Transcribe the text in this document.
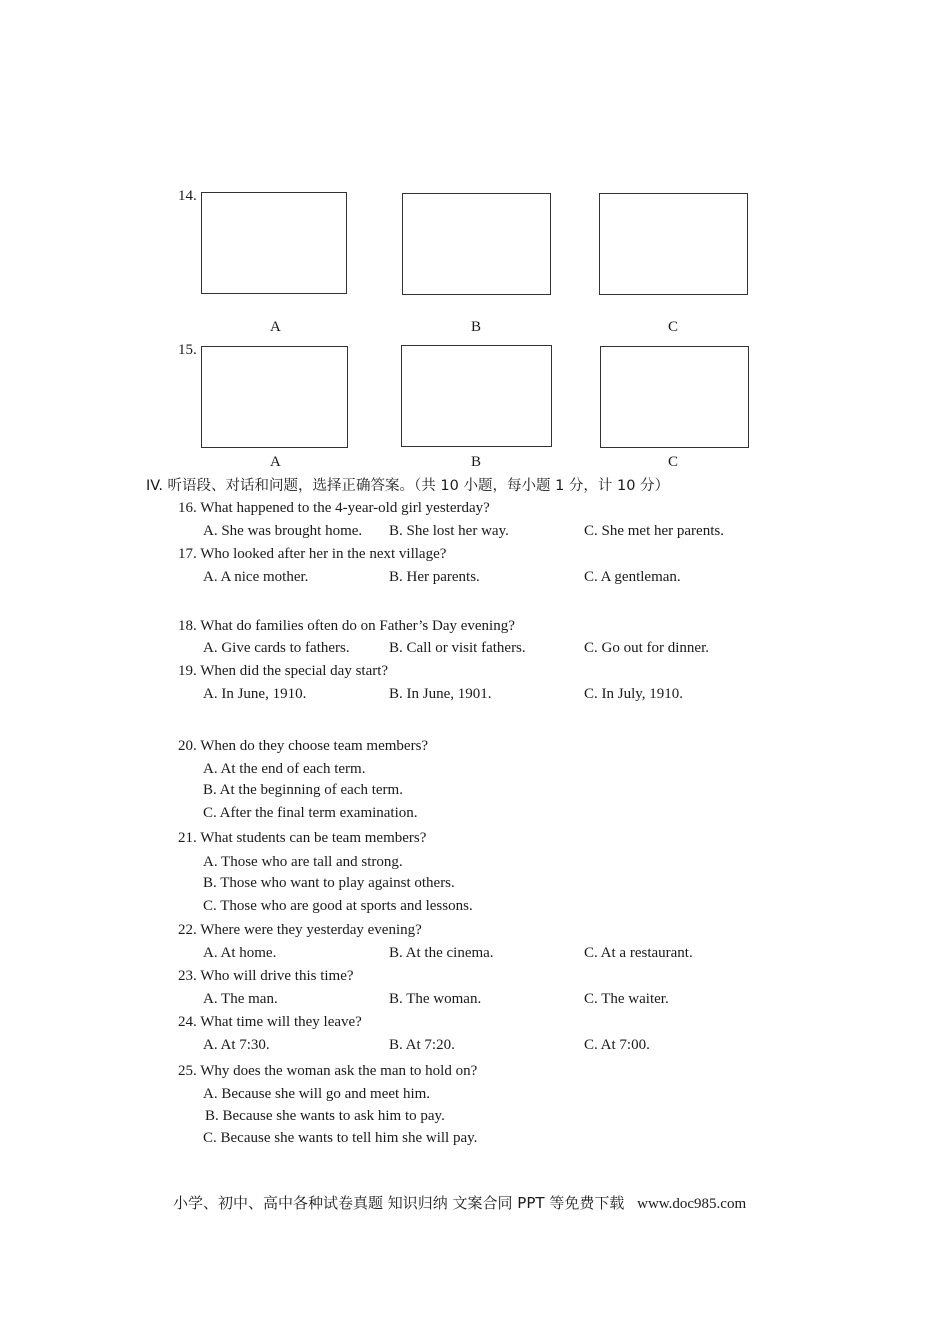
14.
A	B	C
15.
A	B	C
IV. 听语段、对话和问题，选择正确答案。（共 10 小题，每小题 1 分，计 10 分）
16. What happened to the 4-year-old girl yesterday?
A. She was brought home. B. She lost her way.	C. She met her parents.
17. Who looked after her in the next village?
A. A nice mother.	B. Her parents.	C. A gentleman.
18. What do families often do on Father’s Day evening?
A. Give cards to fathers.	B. Call or visit fathers.	C. Go out for dinner.
19. When did the special day start?
A. In June, 1910.	B. In June, 1901.	C. In July, 1910.
20. When do they choose team members?
A. At the end of each term.
B. At the beginning of each term.
C. After the final term examination.
21. What students can be team members?
A. Those who are tall and strong.
B. Those who want to play against others.
C. Those who are good at sports and lessons.
22. Where were they yesterday evening?
A. At home.	B. At the cinema.	C. At a restaurant.
23. Who will drive this time?
A. The man.	B. The woman.	C. The waiter.
24. What time will they leave?
A. At 7:30.	B. At 7:20.	C. At 7:00.
25. Why does the woman ask the man to hold on?
A. Because she will go and meet him.
B. Because she wants to ask him to pay.
C. Because she wants to tell him she will pay.
小学、初中、高中各种试卷真题 知识归纳 文案合同 PPT 等免费下载 www.doc985.com
